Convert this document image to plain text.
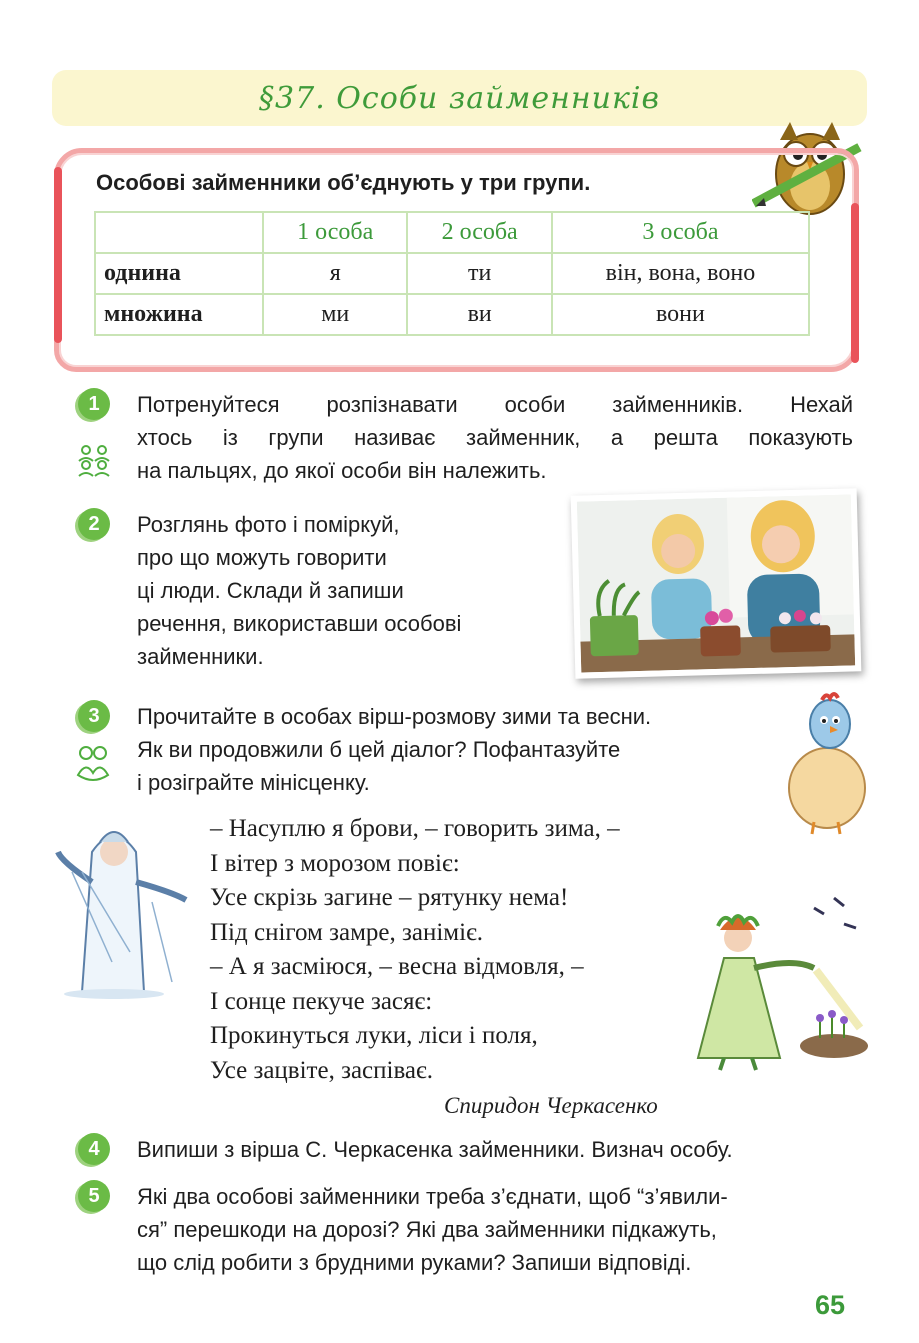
§37. Особи займенників
Особові займенники об’єднують у три групи.
	1 особа	2 особа	3 особа
однина	я	ти	він, вона, воно
множина	ми	ви	вони
1	Потренуйтеся розпізнавати особи займенників. Нехай
хтось із групи називає займенник, а решта показують
на пальцях, до якої особи він належить.
2	Розглянь фото і поміркуй,
про що можуть говорити
ці люди. Склади й запиши
речення, використавши особові
займенники.
3	Прочитайте в особах вірш-розмову зими та весни.
Як ви продовжили б цей діалог? Пофантазуйте
і розіграйте мінісценку.
– Насуплю я брови, – говорить зима, –
І вітер з морозом повіє:
Усе скрізь загине – рятунку нема!
Під снігом замре, заніміє.
– А я засміюся, – весна відмовля, –
І сонце пекуче засяє:
Прокинуться луки, ліси і поля,
Усе зацвіте, заспіває.
Спиридон Черкасенко
4	Випиши з вірша С. Черкасенка займенники. Визнач особу.
5	Які два особові займенники треба з’єднати, щоб “з’явили-
ся” перешкоди на дорозі? Які два займенники підкажуть,
що слід робити з брудними руками? Запиши відповіді.
65
